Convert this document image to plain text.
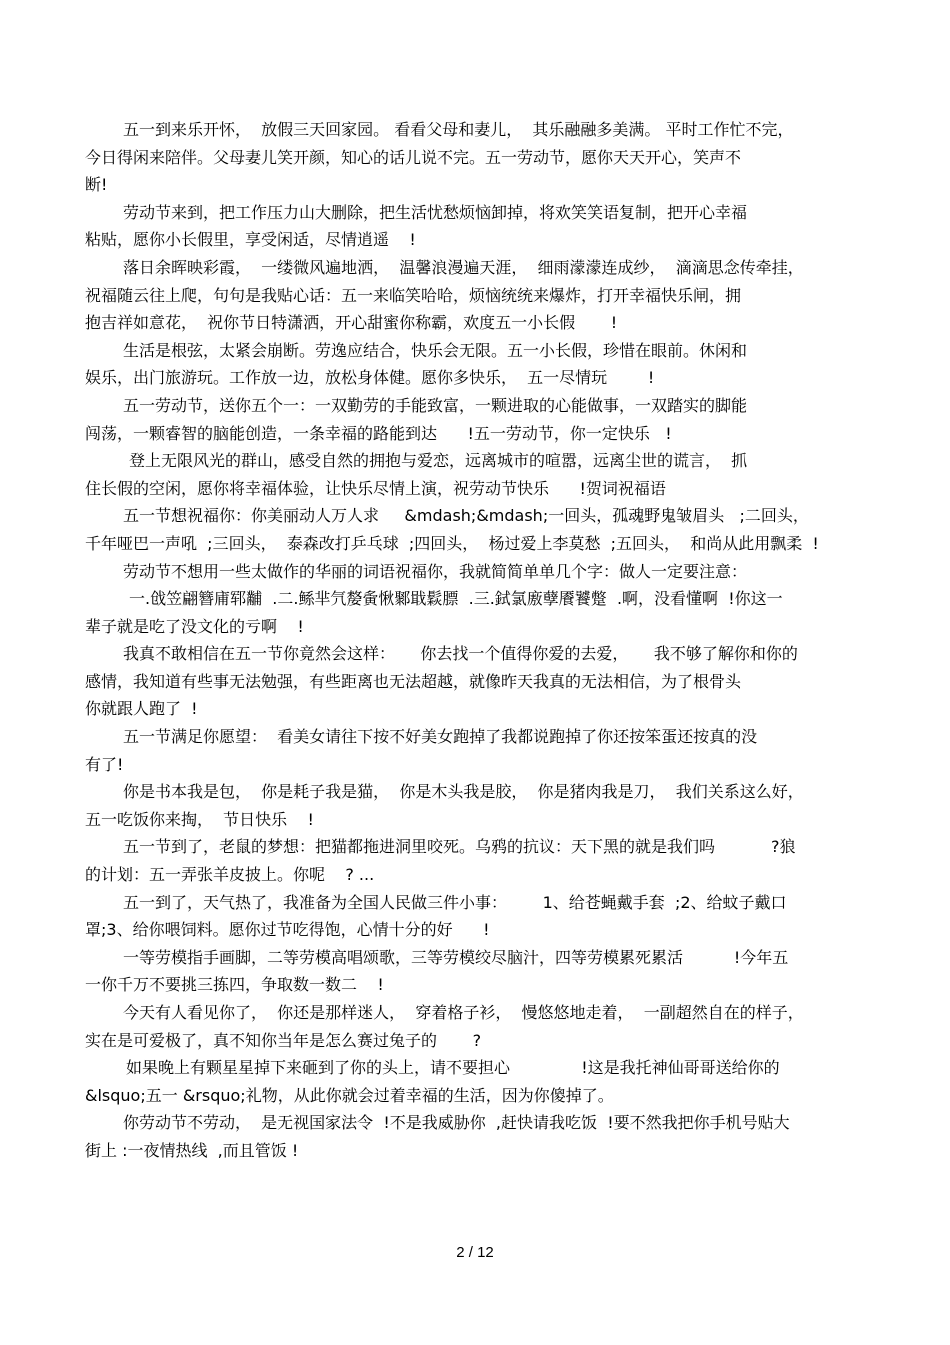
五一到来乐开怀，  放假三天回家园。 看看父母和妻儿，  其乐融融多美满。 平时工作忙不完，
今日得闲来陪伴。父母妻儿笑开颜，知心的话儿说不完。五一劳动节，愿你天天开心，笑声不
断!
劳动节来到，把工作压力山大删除，把生活忧愁烦恼卸掉，将欢笑笑语复制，把开心幸福
粘贴，愿你小长假里，享受闲适，尽情逍遥    !
落日余晖映彩霞，  一缕微风遍地洒，  温馨浪漫遍天涯，  细雨濛濛连成纱，  滴滴思念传牵挂，
祝福随云往上爬，句句是我贴心话：五一来临笑哈哈，烦恼统统来爆炸，打开幸福快乐闸，拥
抱吉祥如意花，  祝你节日特潇洒，开心甜蜜你称霸，欢度五一小长假       !
生活是根弦，太紧会崩断。劳逸应结合，快乐会无限。五一小长假，珍惜在眼前。休闲和
娱乐，出门旅游玩。工作放一边，放松身体健。愿你多快乐，  五一尽情玩        !
五一劳动节，送你五个一：一双勤劳的手能致富，一颗进取的心能做事，一双踏实的脚能
闯荡，一颗睿智的脑能创造，一条幸福的路能到达      !五一劳动节，你一定快乐   !
登上无限风光的群山，感受自然的拥抱与爱恋，远离城市的喧嚣，远离尘世的谎言，  抓
住长假的空闲，愿你将幸福体验，让快乐尽情上演，祝劳动节快乐      !贺词祝福语
五一节想祝福你：你美丽动人万人求     &mdash;&mdash;一回头，孤魂野鬼皱眉头   ;二回头，
千年哑巴一声吼  ;三回头，  泰森改打乒乓球  ;四回头，  杨过爱上李莫愁  ;五回头，  和尚从此用飘柔  !
劳动节不想用一些太做作的华丽的词语祝福你，我就简简单单几个字：做人一定要注意：
一.戗笠翩簪庯郓黼  .二.鲧芈氕嫠夤愀鄹戢鬏膘  .三.鉽氯廒孽餍饕蹩  .啊，没看懂啊  !你这一
辈子就是吃了没文化的亏啊    !
我真不敢相信在五一节你竟然会这样：     你去找一个值得你爱的去爱，     我不够了解你和你的
感情，我知道有些事无法勉强，有些距离也无法超越，就像昨天我真的无法相信，为了根骨头
你就跟人跑了  !
五一节满足你愿望：  看美女请往下按不好美女跑掉了我都说跑掉了你还按笨蛋还按真的没
有了!
你是书本我是包，  你是耗子我是猫，  你是木头我是胶，  你是猪肉我是刀，  我们关系这么好，
五一吃饭你来掏，  节日快乐    !
五一节到了，老鼠的梦想：把猫都拖进洞里咬死。乌鸦的抗议：天下黑的就是我们吗           ?狼
的计划：五一弄张羊皮披上。你呢    ? ...
五一到了，天气热了，我准备为全国人民做三件小事：       1、给苍蝇戴手套  ;2、给蚊子戴口
罩;3、给你喂饲料。愿你过节吃得饱，心情十分的好      !
一等劳模指手画脚，二等劳模高唱颂歌，三等劳模绞尽脑汁，四等劳模累死累活          !今年五
一你千万不要挑三拣四，争取数一数二    !
今天有人看见你了，  你还是那样迷人，  穿着格子衫，  慢悠悠地走着，  一副超然自在的样子，
实在是可爱极了，真不知你当年是怎么赛过兔子的       ?
如果晚上有颗星星掉下来砸到了你的头上，请不要担心              !这是我托神仙哥哥送给你的
&lsquo;五一 &rsquo;礼物，从此你就会过着幸福的生活，因为你傻掉了。
你劳动节不劳动，  是无视国家法令  !不是我威胁你  ,赶快请我吃饭  !要不然我把你手机号贴大
街上 :一夜情热线  ,而且管饭 !
2 / 12
